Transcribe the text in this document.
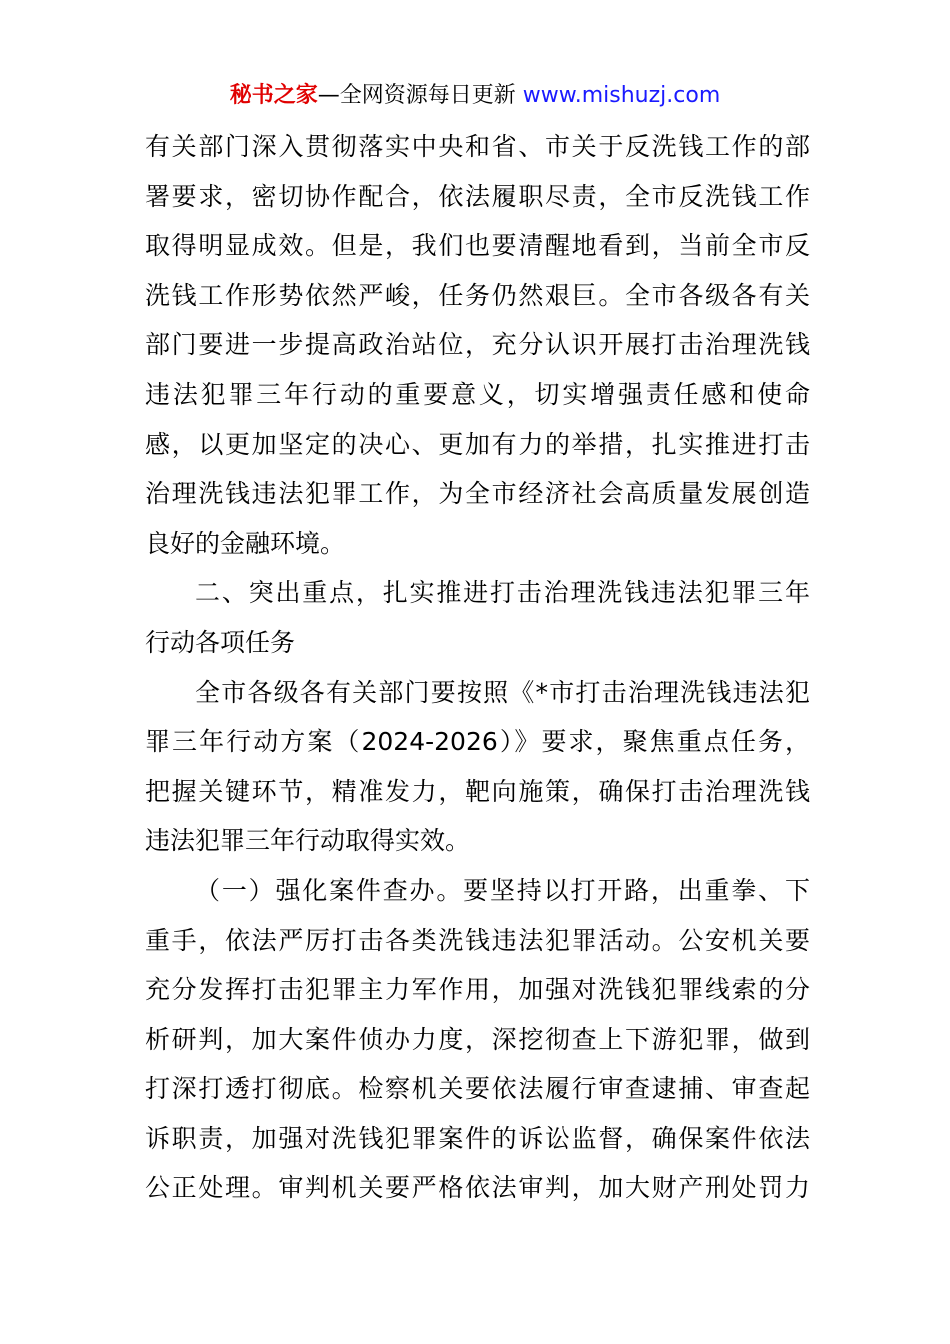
秘书之家—全网资源每日更新 www.mishuzj.com
有关部门深入贯彻落实中央和省、市关于反洗钱工作的部
署要求，密切协作配合，依法履职尽责，全市反洗钱工作
取得明显成效。但是，我们也要清醒地看到，当前全市反
洗钱工作形势依然严峻，任务仍然艰巨。全市各级各有关
部门要进一步提高政治站位，充分认识开展打击治理洗钱
违法犯罪三年行动的重要意义，切实增强责任感和使命
感，以更加坚定的决心、更加有力的举措，扎实推进打击
治理洗钱违法犯罪工作，为全市经济社会高质量发展创造
良好的金融环境。
二、突出重点，扎实推进打击治理洗钱违法犯罪三年
行动各项任务
全市各级各有关部门要按照《*市打击治理洗钱违法犯
罪三年行动方案（2024-2026）》要求，聚焦重点任务，
把握关键环节，精准发力，靶向施策，确保打击治理洗钱
违法犯罪三年行动取得实效。
（一）强化案件查办。要坚持以打开路，出重拳、下
重手，依法严厉打击各类洗钱违法犯罪活动。公安机关要
充分发挥打击犯罪主力军作用，加强对洗钱犯罪线索的分
析研判，加大案件侦办力度，深挖彻查上下游犯罪，做到
打深打透打彻底。检察机关要依法履行审查逮捕、审查起
诉职责，加强对洗钱犯罪案件的诉讼监督，确保案件依法
公正处理。审判机关要严格依法审判，加大财产刑处罚力
